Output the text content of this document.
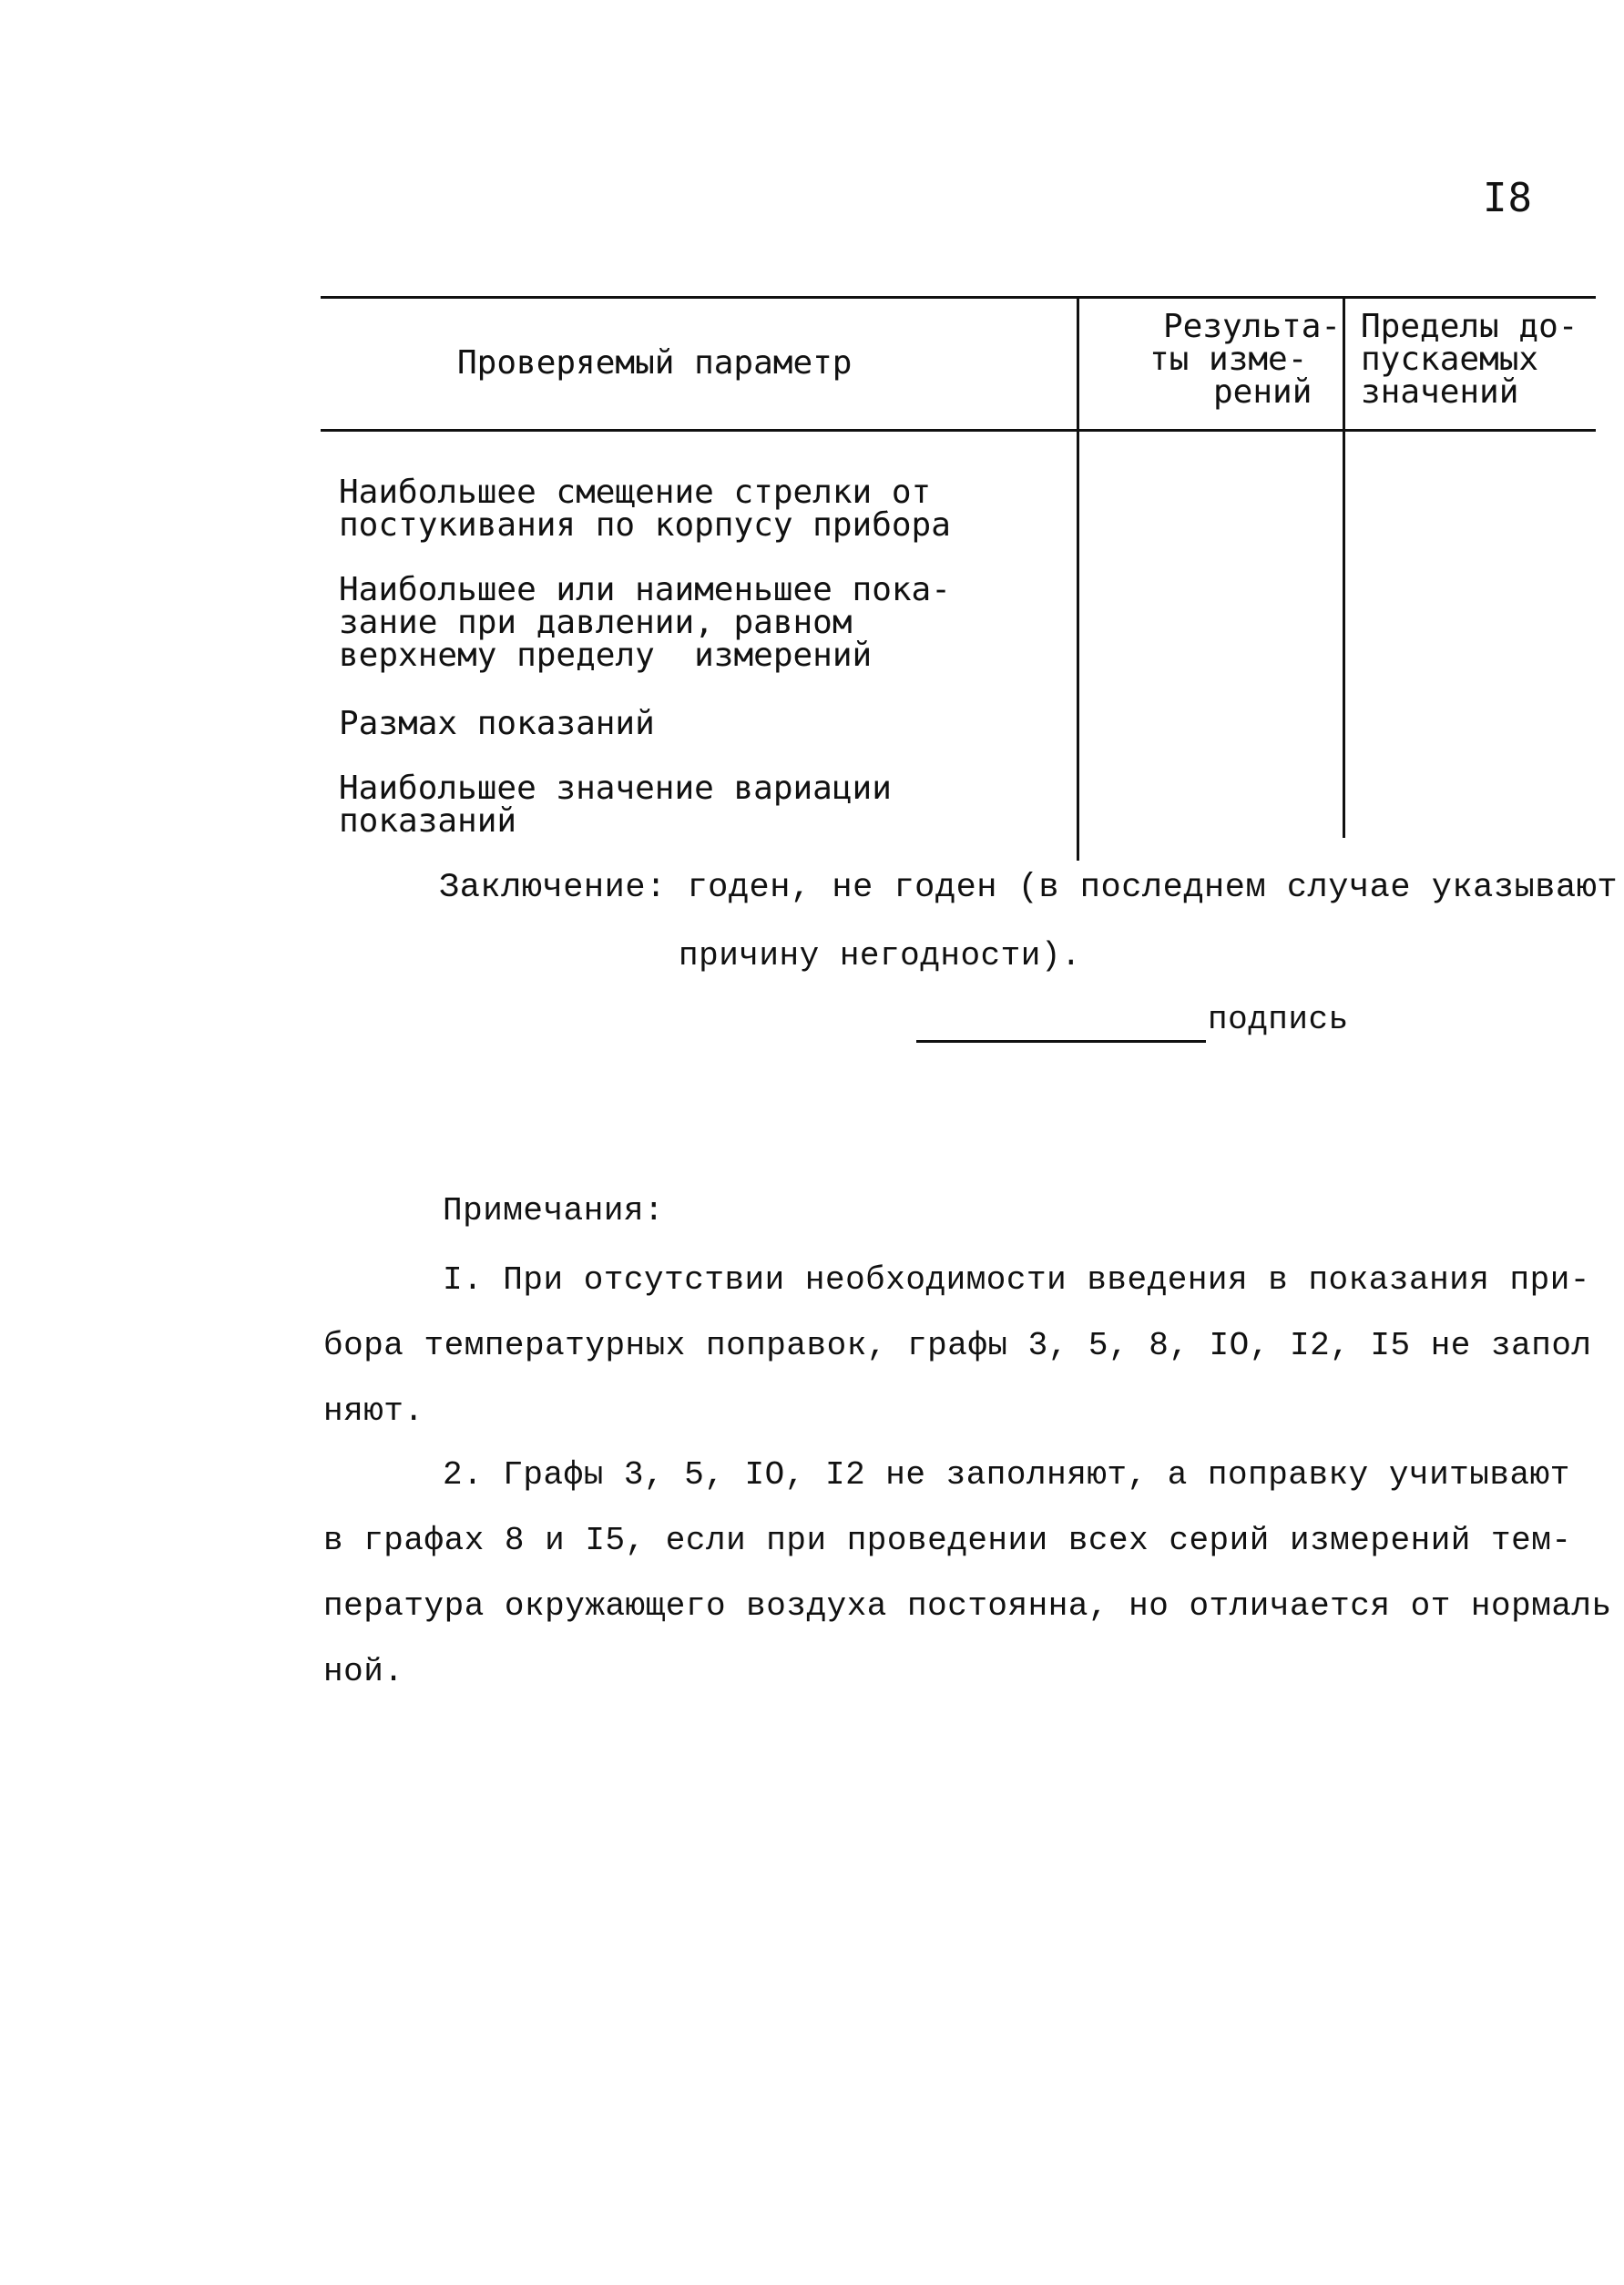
I8
Проверяемый параметр
Результа-
ты изме-
рений
Пределы до-
пускаемых
значений
Наибольшее смещение стрелки от
постукивания по корпусу прибора
Наибольшее или наименьшее пока-
зание при давлении, равном
верхнему пределу  измерений
Размах показаний
Наибольшее значение вариации
показаний
Заключение: годен, не годен (в последнем случае указывают
причину негодности).
подпись
Примечания:
I. При отсутствии необходимости введения в показания при-
бора температурных поправок, графы 3, 5, 8, IO, I2, I5 не запол
няют.
2. Графы 3, 5, IO, I2 не заполняют, а поправку учитывают
в графах 8 и I5, если при проведении всех серий измерений тем-
пература окружающего воздуха постоянна, но отличается от нормаль
ной.
